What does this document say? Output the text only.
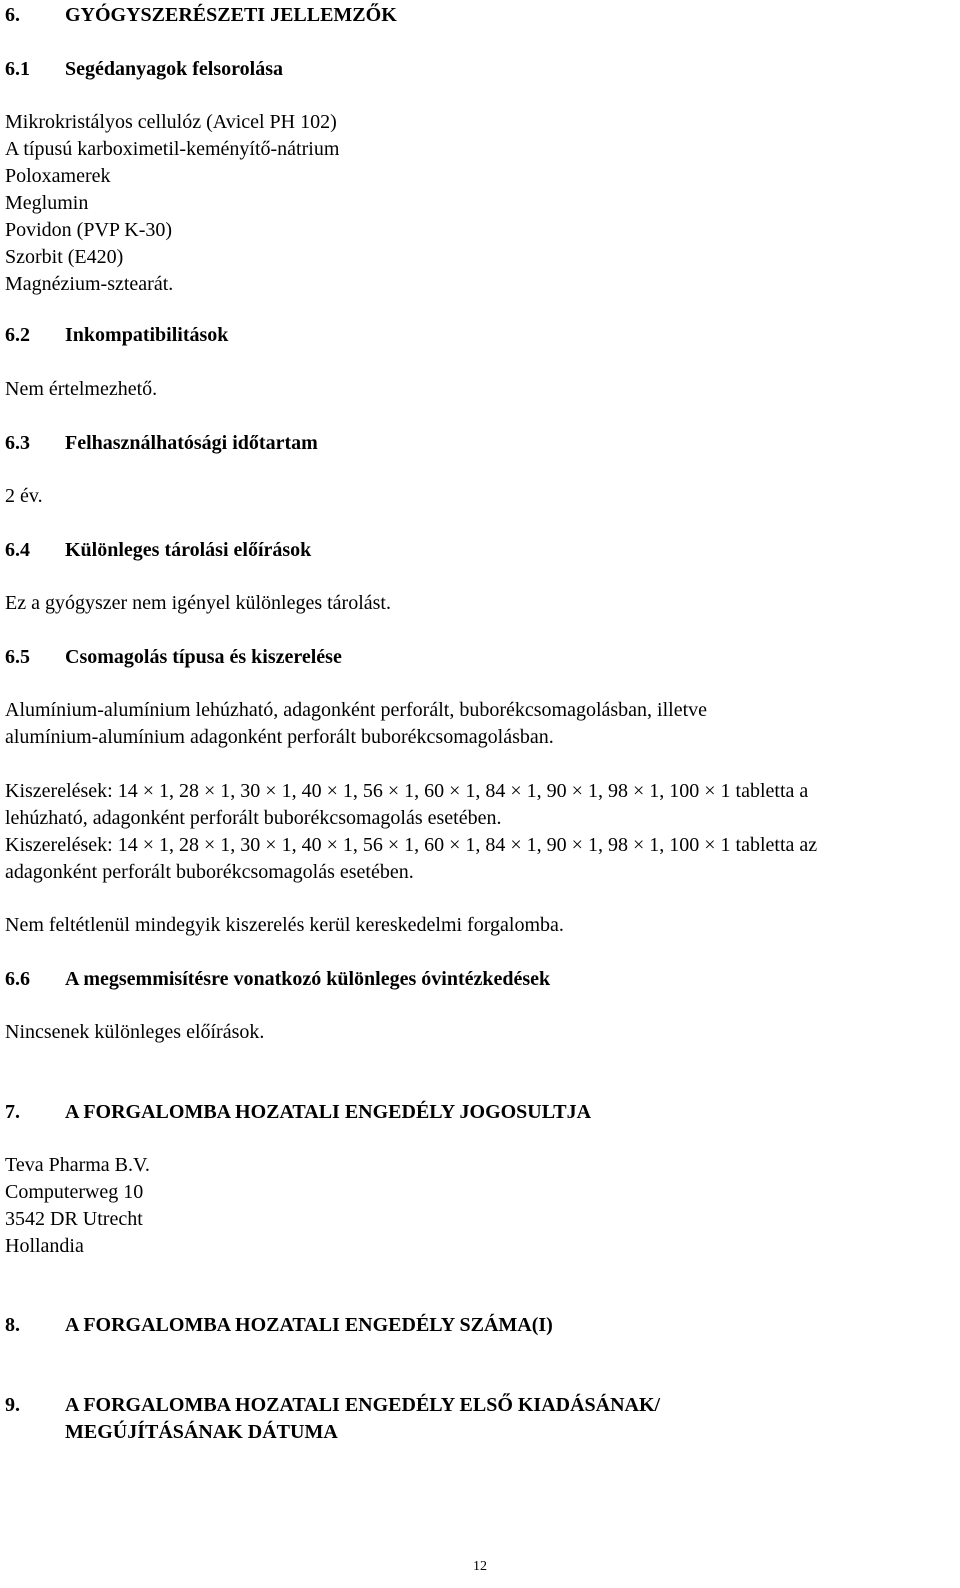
6. GYÓGYSZERÉSZETI JELLEMZŐK
6.1 Segédanyagok felsorolása
Mikrokristályos cellulóz (Avicel PH 102)
A típusú karboximetil-keményítő-nátrium
Poloxamerek
Meglumin
Povidon (PVP K-30)
Szorbit (E420)
Magnézium-sztearát.
6.2 Inkompatibilitások
Nem értelmezhető.
6.3 Felhasználhatósági időtartam
2 év.
6.4 Különleges tárolási előírások
Ez a gyógyszer nem igényel különleges tárolást.
6.5 Csomagolás típusa és kiszerelése
Alumínium-alumínium lehúzható, adagonként perforált, buborékcsomagolásban, illetve
alumínium-alumínium adagonként perforált buborékcsomagolásban.
Kiszerelések: 14 × 1, 28 × 1, 30 × 1, 40 × 1, 56 × 1, 60 × 1, 84 × 1, 90 × 1, 98 × 1, 100 × 1 tabletta a
lehúzható, adagonként perforált buborékcsomagolás esetében.
Kiszerelések: 14 × 1, 28 × 1, 30 × 1, 40 × 1, 56 × 1, 60 × 1, 84 × 1, 90 × 1, 98 × 1, 100 × 1 tabletta az
adagonként perforált buborékcsomagolás esetében.
Nem feltétlenül mindegyik kiszerelés kerül kereskedelmi forgalomba.
6.6 A megsemmisítésre vonatkozó különleges óvintézkedések
Nincsenek különleges előírások.
7. A FORGALOMBA HOZATALI ENGEDÉLY JOGOSULTJA
Teva Pharma B.V.
Computerweg 10
3542 DR Utrecht
Hollandia
8. A FORGALOMBA HOZATALI ENGEDÉLY SZÁMA(I)
9. A FORGALOMBA HOZATALI ENGEDÉLY ELSŐ KIADÁSÁNAK/
MEGÚJÍTÁSÁNAK DÁTUMA
12
